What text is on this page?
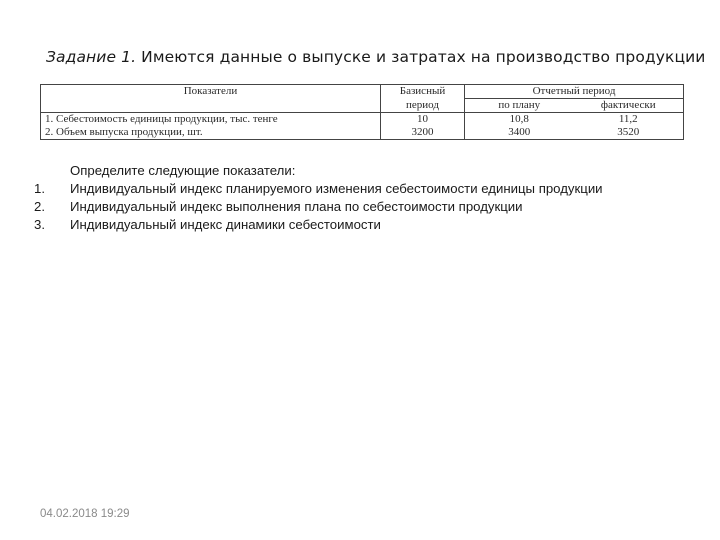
Задание 1. Имеются данные о выпуске и затратах на производство продукции
Показатели	Базисный	Отчетный период	
	период	по плану	фактически
1. Себестоимость единицы продукции, тыс. тенге	10	10,8	11,2
2. Объем выпуска продукции, шт.	3200	3400	3520
Определите следующие показатели:
1.	Индивидуальный индекс планируемого изменения себестоимости единицы продукции
2.	Индивидуальный индекс выполнения плана по себестоимости продукции
3.	Индивидуальный индекс динамики себестоимости
04.02.2018 19:29
